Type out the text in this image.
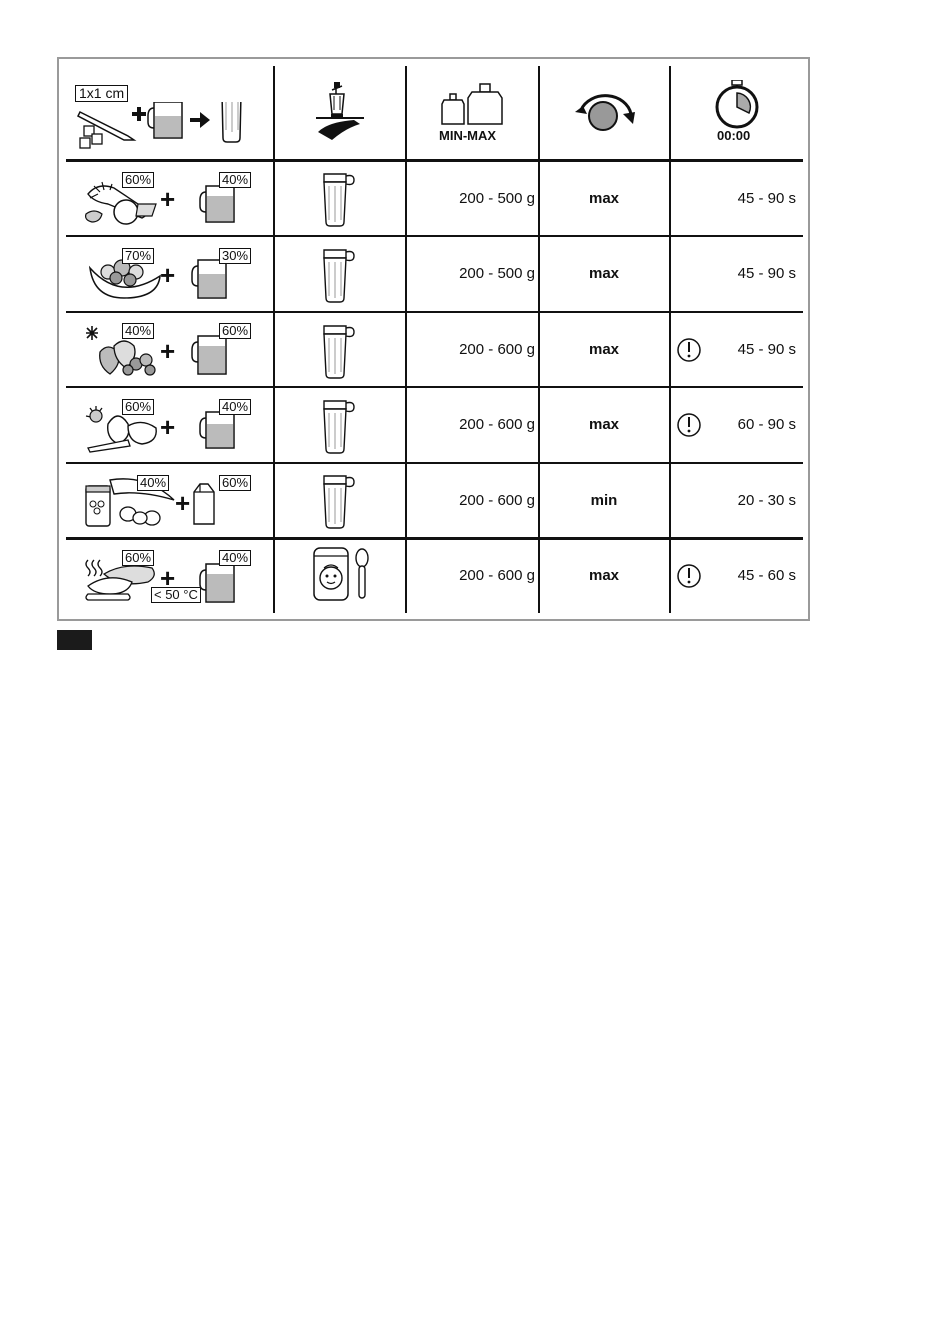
1x1 cm
MIN-MAX	00:00
60%
+
40%
200 - 500 g	max	45 - 90 s
70%
+
30%
200 - 500 g	max	45 - 90 s
40%
+
60%
200 - 600 g	max	45 - 90 s
60%
+
40%
200 - 600 g	max	60 - 90 s
40%
+
60%
200 - 600 g	min	20 - 30 s
60%
< 50 °C
+
40%
200 - 600 g	max	45 - 60 s
